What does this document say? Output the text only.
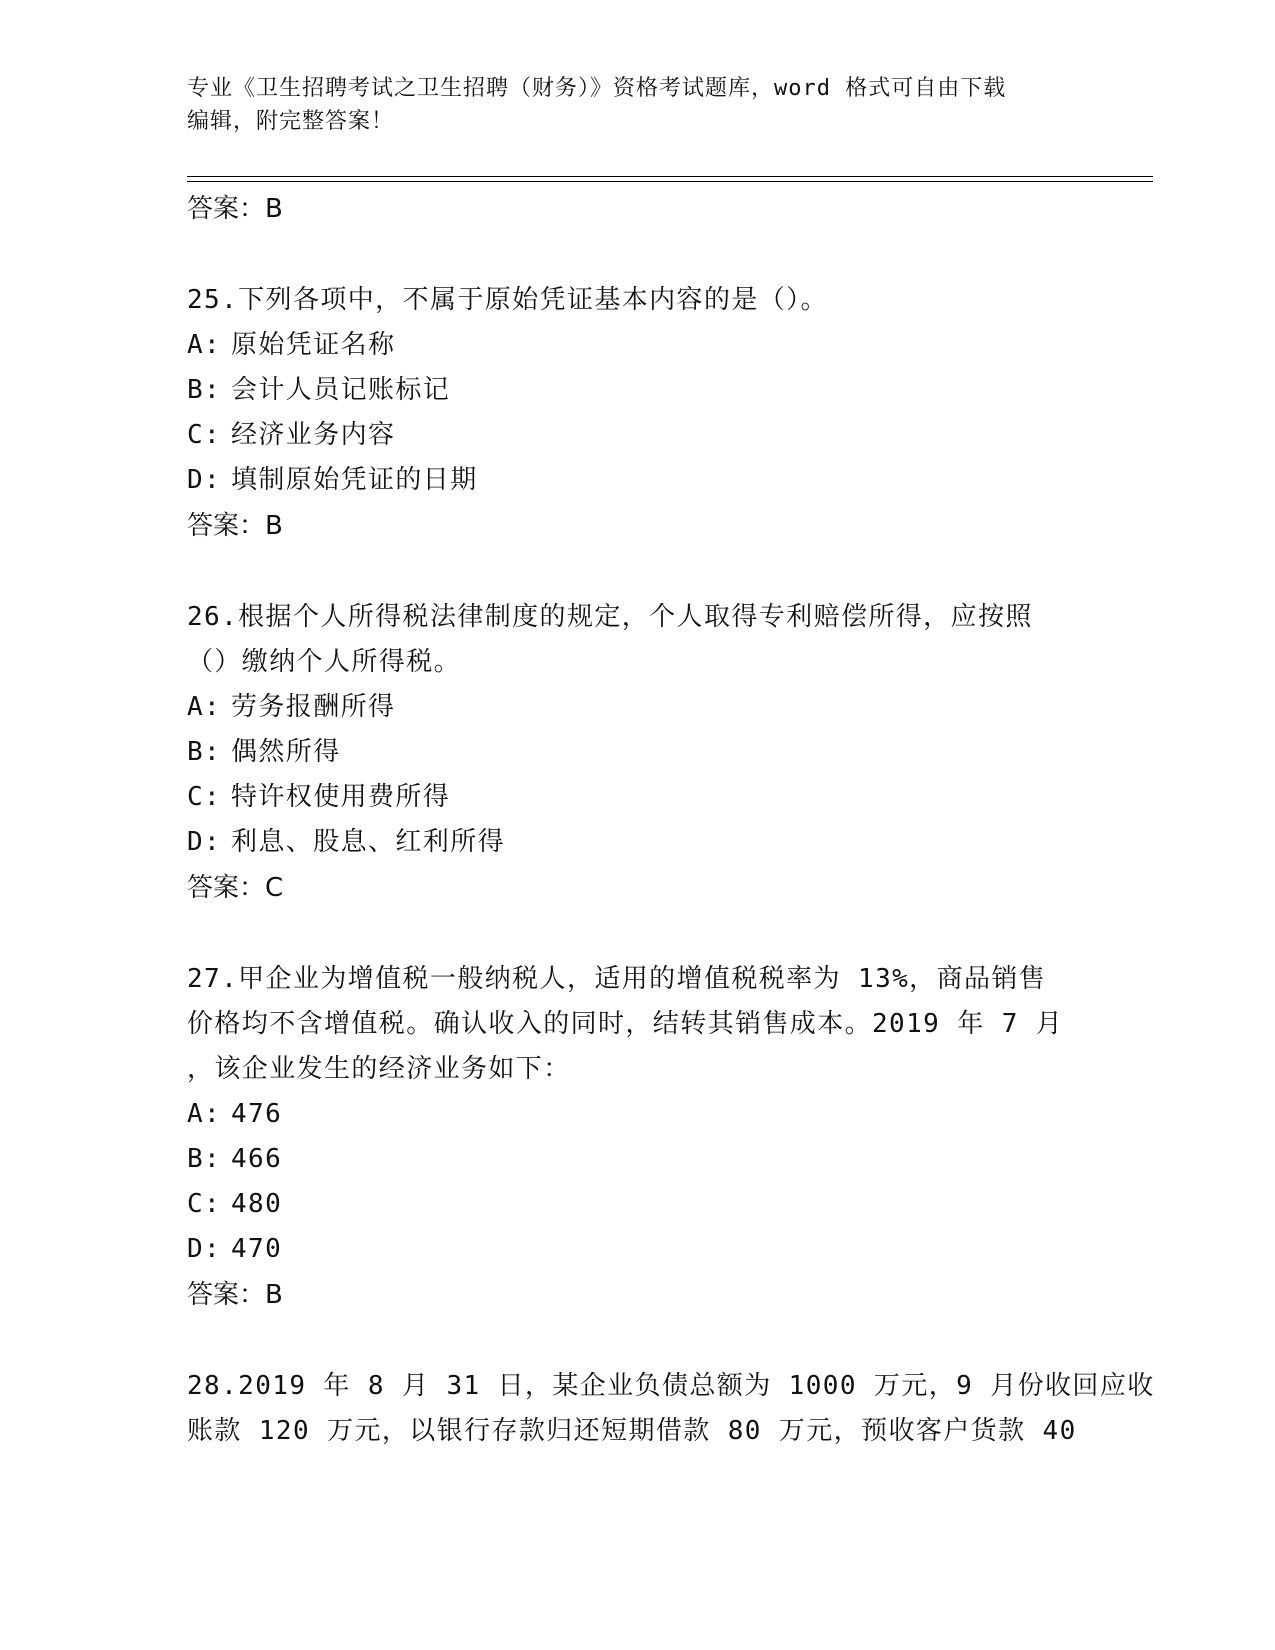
专业《卫生招聘考试之卫生招聘（财务）》资格考试题库，word 格式可自由下载
编辑，附完整答案！
答案：B
25.下列各项中，不属于原始凭证基本内容的是（）。
A: 原始凭证名称
B: 会计人员记账标记
C: 经济业务内容
D: 填制原始凭证的日期
答案：B
26.根据个人所得税法律制度的规定，个人取得专利赔偿所得，应按照
（）缴纳个人所得税。
A: 劳务报酬所得
B: 偶然所得
C: 特许权使用费所得
D: 利息、股息、红利所得
答案：C
27.甲企业为增值税一般纳税人，适用的增值税税率为 13%，商品销售
价格均不含增值税。确认收入的同时，结转其销售成本。2019 年 7 月
，该企业发生的经济业务如下：
A: 476
B: 466
C: 480
D: 470
答案：B
28.2019 年 8 月 31 日，某企业负债总额为 1000 万元，9 月份收回应收
账款 120 万元，以银行存款归还短期借款 80 万元，预收客户货款 40
